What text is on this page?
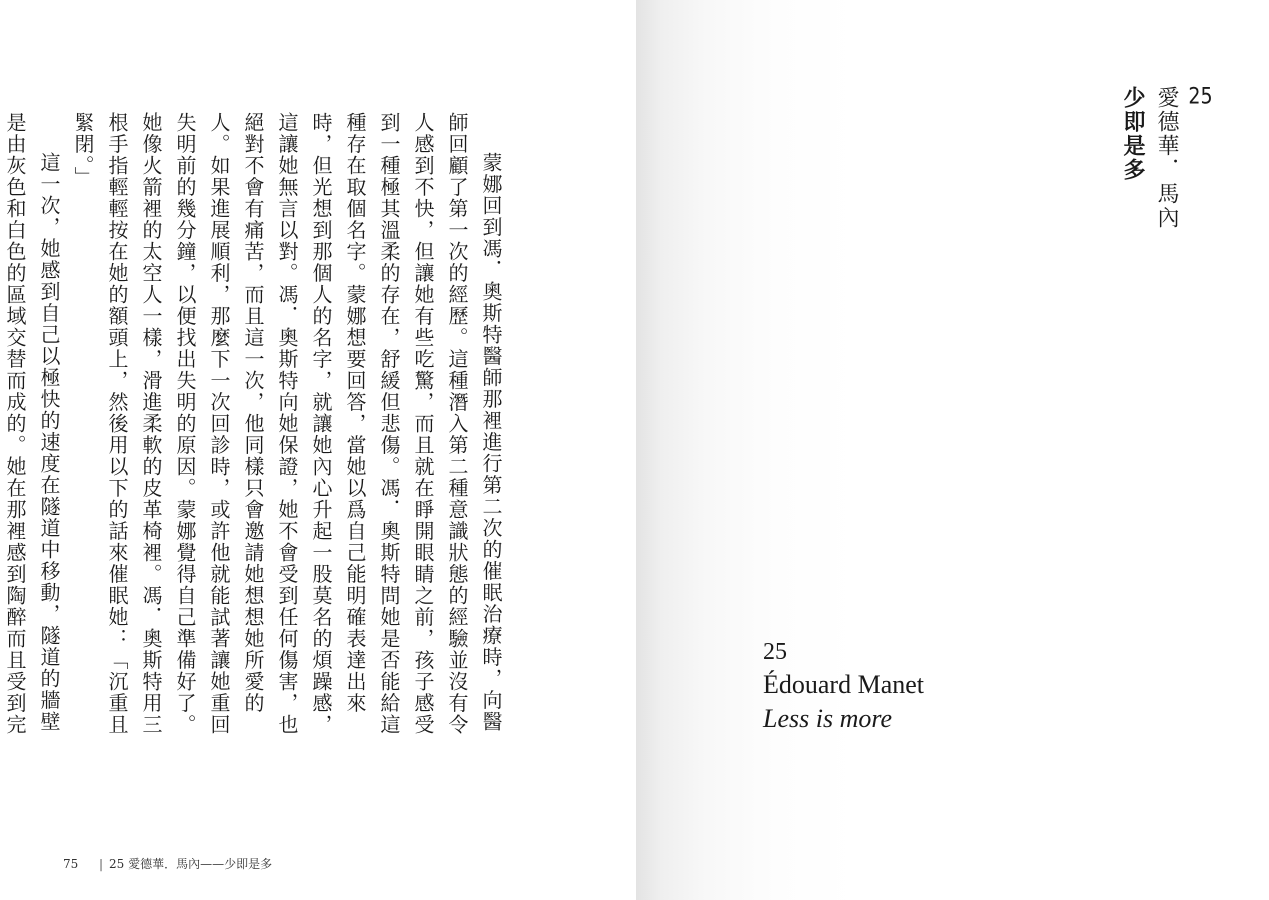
蒙娜回到馮．奧斯特醫師那裡進行第二次的催眠治療時，向醫師回顧了第一次的經歷。這種潛入第二種意識狀態的經驗並沒有令人感到不快，但讓她有些吃驚，而且就在睜開眼睛之前，孩子感受到一種極其溫柔的存在，舒緩但悲傷。馮．奧斯特問她是否能給這種存在取個名字。蒙娜想要回答，當她以爲自己能明確表達出來時，但光想到那個人的名字，就讓她內心升起一股莫名的煩躁感，這讓她無言以對。馮．奧斯特向她保證，她不會受到任何傷害，也絕對不會有痛苦，而且這一次，他同樣只會邀請她想想她所愛的人。如果進展順利，那麼下一次回診時，或許他就能試著讓她重回失明前的幾分鐘，以便找出失明的原因。蒙娜覺得自己準備好了。她像火箭裡的太空人一樣，滑進柔軟的皮革椅裡。馮．奧斯特用三根手指輕輕按在她的額頭上，然後用以下的話來催眠她：「沉重且緊閉。」

這一次，她感到自己以極快的速度在隧道中移動，隧道的牆壁是由灰色和白色的區域交替而成的。她在那裡感到陶醉而且受到完

75 | 25 愛德華．馬內——少即是多
25
愛德華．馬內
少即是多
25
Édouard Manet
Less is more
